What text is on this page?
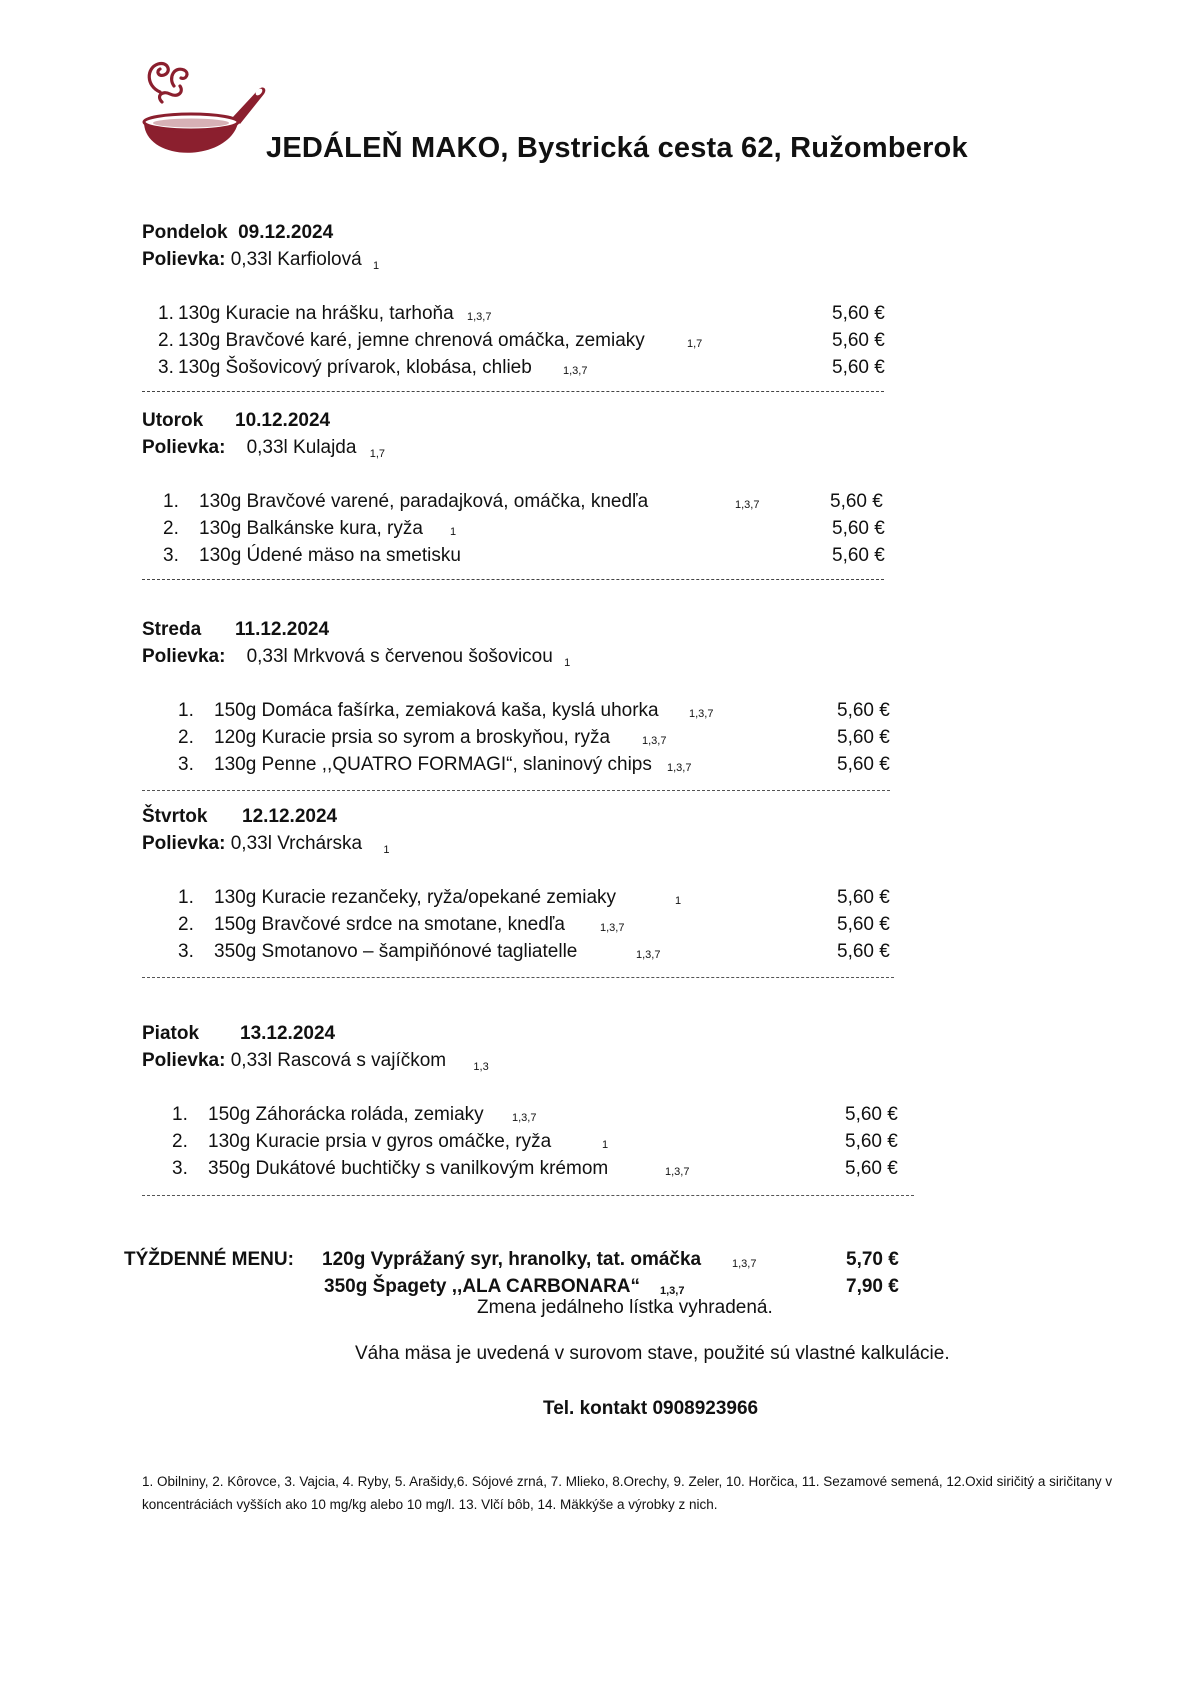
JEDÁLEŇ MAKO, Bystrická cesta 62, Ružomberok
Pondelok 09.12.2024
Polievka: 0,33l Karfiolová $_1$
1. 130g Kuracie na hrášku, tarhoňa 1,3,7	5,60 €
2. 130g Bravčové karé, jemne chrenová omáčka, zemiaky	1,7	5,60 €
3. 130g Šošovicový prívarok, klobása, chlieb	1,3,7	5,60 €
Utorok 10.12.2024
Polievka: 0,33l Kulajda $_{1,7}$
1. 130g Bravčové varené, paradajková, omáčka, knedľa	1,3,7	5,60 €
2. 130g Balkánske kura, ryža 1	5,60 €
3. 130g Údené mäso na smetisku	5,60 €
Streda 11.12.2024
Polievka: 0,33l Mrkvová s červenou šošovicou $_1$
1. 150g Domáca fašírka, zemiaková kaša, kyslá uhorka	1,3,7	5,60 €
2. 120g Kuracie prsia so syrom a broskyňou, ryža	1,3,7	5,60 €
3. 130g Penne ,,QUATRO FORMAGI“, slaninový chips 1,3,7	5,60 €
Štvrtok 12.12.2024
Polievka: 0,33l Vrchárska $_1$
1. 130g Kuracie rezančeky, ryža/opekané zemiaky	1	5,60 €
2. 150g Bravčové srdce na smotane, knedľa	1,3,7	5,60 €
3. 350g Smotanovo – šampiňónové tagliatelle	1,3,7	5,60 €
Piatok 13.12.2024
Polievka: 0,33l Rascová s vajíčkom $_{1,3}$
1. 150g Záhorácka roláda, zemiaky	1,3,7	5,60 €
2. 130g Kuracie prsia v gyros omáčke, ryža	1	5,60 €
3. 350g Dukátové buchtičky s vanilkovým krémom	1,3,7	5,60 €
TÝŽDENNÉ MENU: 120g Vyprážaný syr, hranolky, tat. omáčka	1,3,7	5,70 €
350g Špagety ,,ALA CARBONARA“ 1,3,7	7,90 €
Zmena jedálneho lístka vyhradená.
Váha mäsa je uvedená v surovom stave, použité sú vlastné kalkulácie.
Tel. kontakt 0908923966
1. Obilniny, 2. Kôrovce, 3. Vajcia, 4. Ryby, 5. Arašidy,6. Sójové zrná, 7. Mlieko, 8.Orechy, 9. Zeler, 10. Horčica, 11. Sezamové semená, 12.Oxid siričitý a siričitany v koncentráciách vyšších ako 10 mg/kg alebo 10 mg/l. 13. Vlčí bôb, 14. Mäkkýše a výrobky z nich.
